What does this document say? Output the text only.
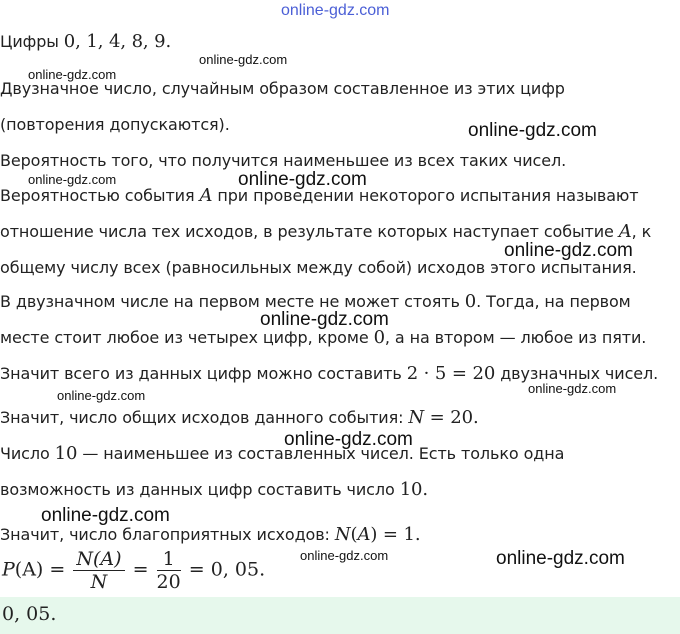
online-gdz.com
Цифры 0, 1, 4, 8, 9.
Двузначное число, случайным образом составленное из этих цифр
(повторения допускаются).
Вероятность того, что получится наименьшее из всех таких чисел.
Вероятностью события A при проведении некоторого испытания называют
отношение числа тех исходов, в результате которых наступает событие A, к
общему числу всех (равносильных между собой) исходов этого испытания.
В двузначном числе на первом месте не может стоять 0. Тогда, на первом
месте стоит любое из четырех цифр, кроме 0, а на втором — любое из пяти.
Значит всего из данных цифр можно составить 2 · 5 = 20 двузначных чисел.
Значит, число общих исходов данного события: N = 20.
Число 10 — наименьшее из составленных чисел. Есть только одна
возможность из данных цифр составить число 10.
Значит, число благоприятных исходов: N(A) = 1.
$P(A) = \frac{N(A)}{N} = \frac{1}{20} = 0$, 05.
0, 05.
online-gdz.com
online-gdz.com
online-gdz.com
online-gdz.com	online-gdz.com
online-gdz.com
online-gdz.com
online-gdz.com
online-gdz.com
online-gdz.com
online-gdz.com
online-gdz.com	online-gdz.com
